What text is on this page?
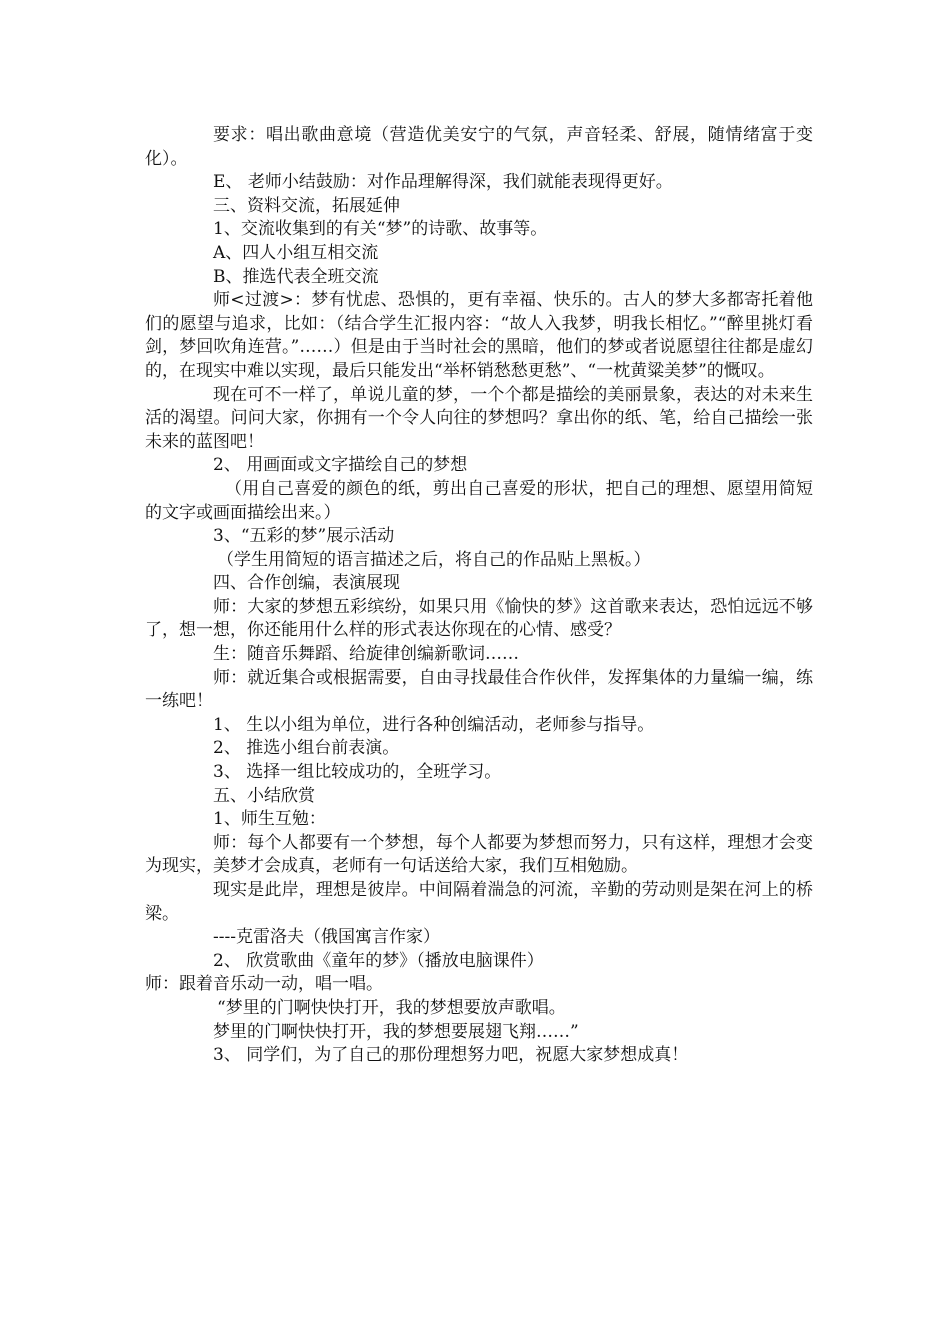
要求：唱出歌曲意境（营造优美安宁的气氛，声音轻柔、舒展，随情绪富于变化）。

E、 老师小结鼓励：对作品理解得深，我们就能表现得更好。

三、资料交流，拓展延伸

1、交流收集到的有关“梦”的诗歌、故事等。

A、四人小组互相交流

B、推选代表全班交流

师<过渡>：梦有忧虑、恐惧的，更有幸福、快乐的。古人的梦大多都寄托着他们的愿望与追求，比如：（结合学生汇报内容：“故人入我梦，明我长相忆。”“醉里挑灯看剑，梦回吹角连营。”……）但是由于当时社会的黑暗，他们的梦或者说愿望往往都是虚幻的，在现实中难以实现，最后只能发出“举杯销愁愁更愁”、“一枕黄粱美梦”的慨叹。

现在可不一样了，单说儿童的梦，一个个都是描绘的美丽景象，表达的对未来生活的渴望。问问大家，你拥有一个令人向往的梦想吗？拿出你的纸、笔，给自己描绘一张未来的蓝图吧！

2、 用画面或文字描绘自己的梦想

（用自己喜爱的颜色的纸，剪出自己喜爱的形状，把自己的理想、愿望用简短的文字或画面描绘出来。）

3、“五彩的梦”展示活动

（学生用简短的语言描述之后，将自己的作品贴上黑板。）

四、合作创编，表演展现

师：大家的梦想五彩缤纷，如果只用《愉快的梦》这首歌来表达，恐怕远远不够了，想一想，你还能用什么样的形式表达你现在的心情、感受？

生：随音乐舞蹈、给旋律创编新歌词……

师：就近集合或根据需要，自由寻找最佳合作伙伴，发挥集体的力量编一编，练一练吧！

1、 生以小组为单位，进行各种创编活动，老师参与指导。

2、 推选小组台前表演。

3、 选择一组比较成功的，全班学习。

五、小结欣赏

1、师生互勉：

师：每个人都要有一个梦想，每个人都要为梦想而努力，只有这样，理想才会变为现实，美梦才会成真，老师有一句话送给大家，我们互相勉励。

现实是此岸，理想是彼岸。中间隔着湍急的河流，辛勤的劳动则是架在河上的桥梁。

----克雷洛夫（俄国寓言作家）

2、 欣赏歌曲《童年的梦》（播放电脑课件）

师：跟着音乐动一动，唱一唱。

“梦里的门啊快快打开，我的梦想要放声歌唱。

梦里的门啊快快打开，我的梦想要展翅飞翔……”

3、 同学们，为了自己的那份理想努力吧，祝愿大家梦想成真！
